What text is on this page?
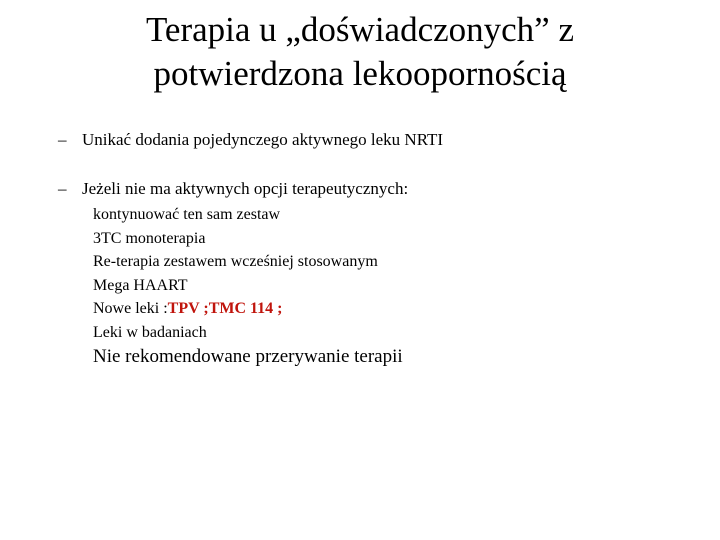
Terapia u „doświadczonych” z
potwierdzona lekoopornością
– Unikać dodania pojedynczego aktywnego leku NRTI
– Jeżeli nie ma aktywnych opcji terapeutycznych:
kontynuować ten sam zestaw
3TC monoterapia
Re-terapia zestawem wcześniej stosowanym
Mega HAART
Nowe leki :TPV ;TMC 114 ;
Leki w badaniach
Nie rekomendowane przerywanie terapii
